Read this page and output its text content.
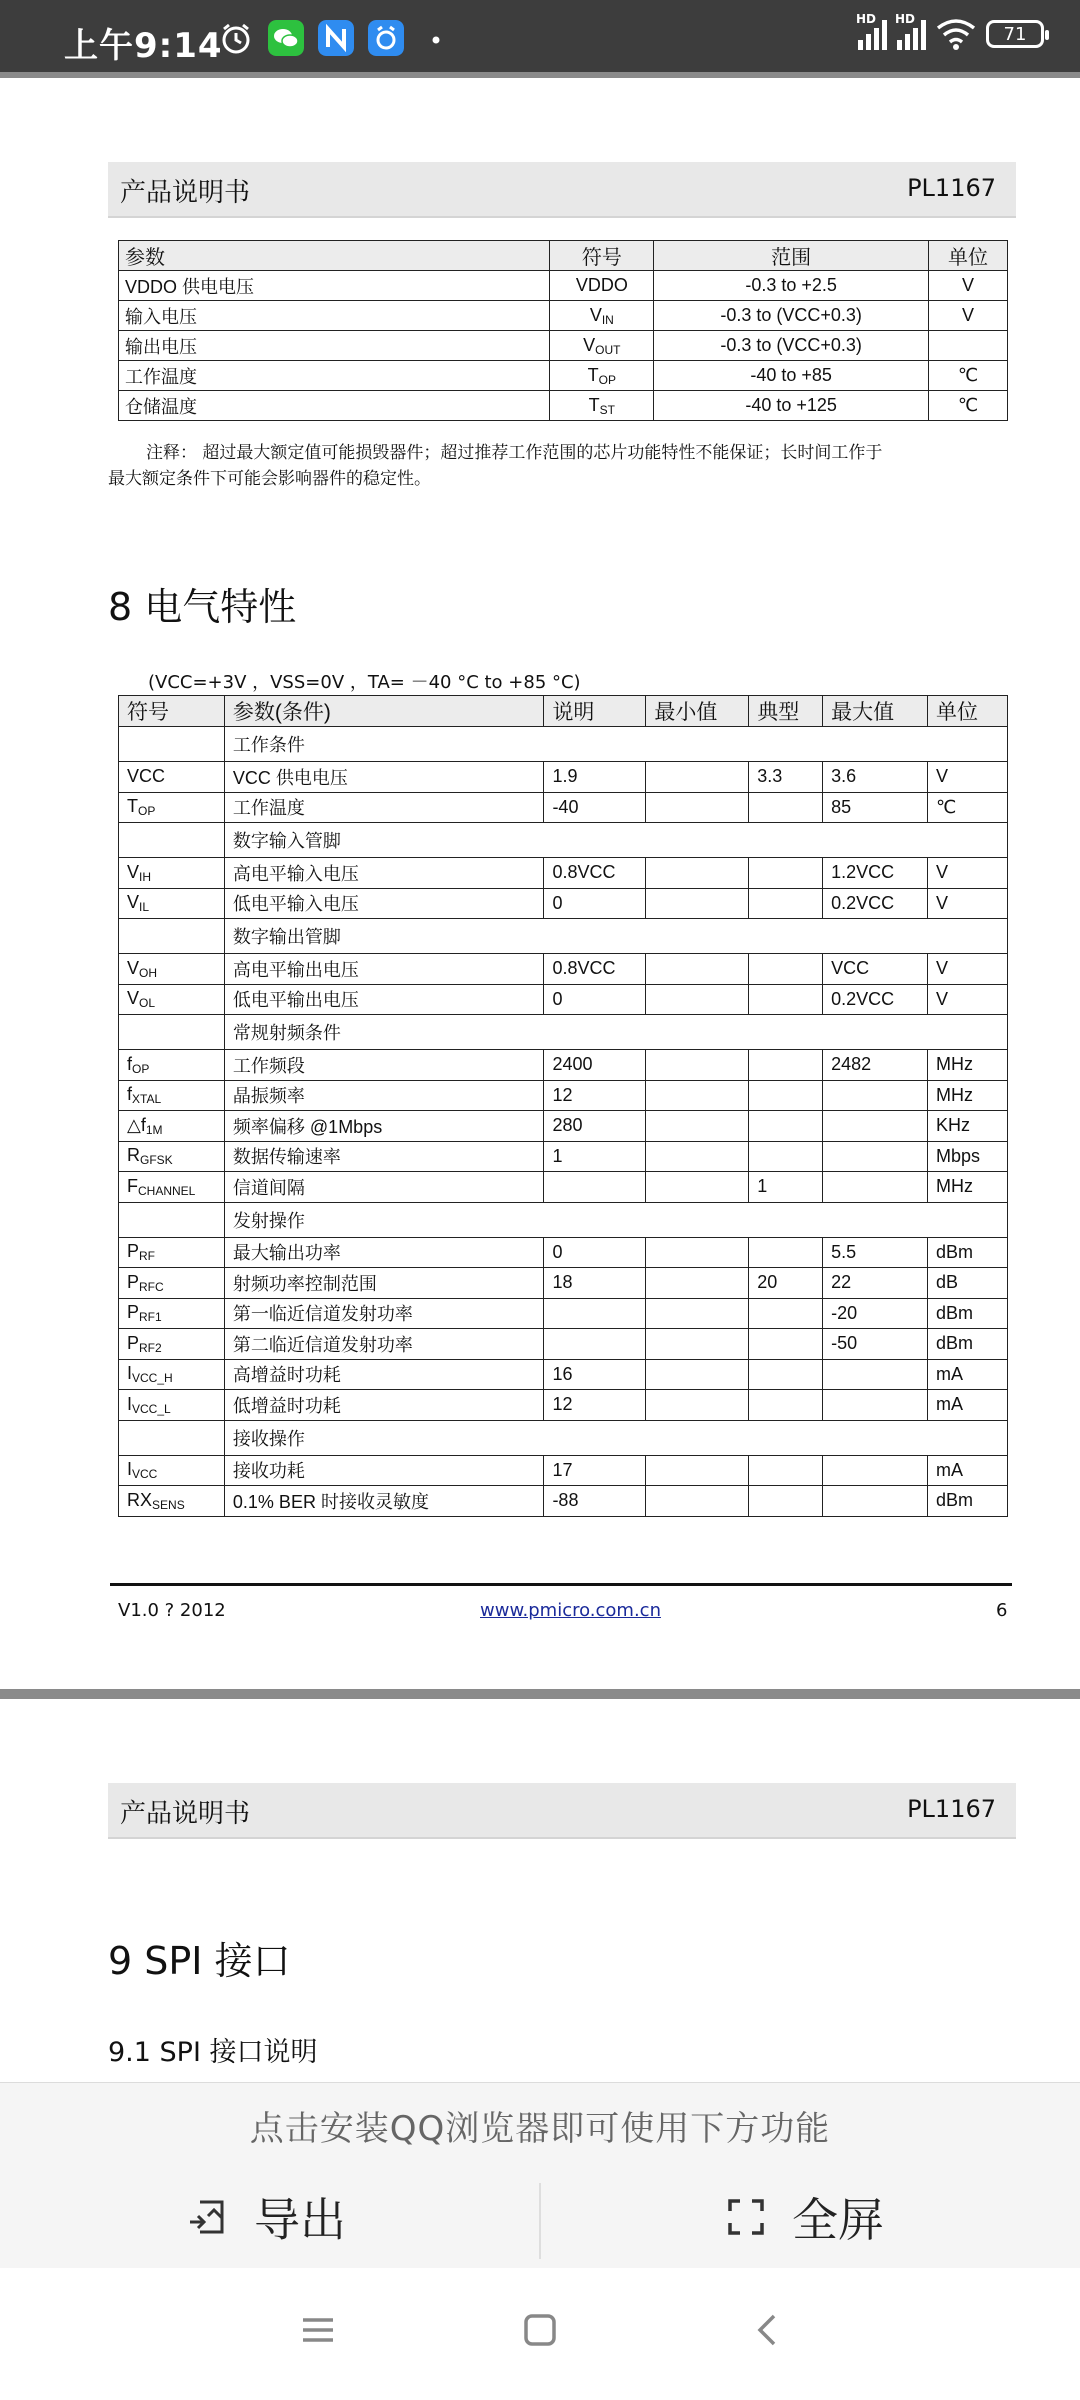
上午9:14
HD HD
71
产品说明书	PL1167
参数	符号	范围	单位
VDDO 供电电压	VDDO	-0.3 to +2.5	V
输入电压	$V_{IN}$	-0.3 to (VCC+0.3)	V
输出电压	$V_{OUT}$	-0.3 to (VCC+0.3)	
工作温度	$T_{OP}$	-40 to +85	℃
仓储温度	$T_{ST}$	-40 to +125	℃
注释： 超过最大额定值可能损毁器件；超过推荐工作范围的芯片功能特性不能保证；长时间工作于
最大额定条件下可能会影响器件的稳定性。
8 电气特性
(VCC=+3V ，VSS=0V ，TA= －40 °C to +85 °C)
符号	参数(条件)	说明	最小值	典型	最大值	单位
	工作条件					
VCC	VCC 供电电压	1.9		3.3	3.6	V
$T_{OP}$	工作温度	-40			85	℃
	数字输入管脚					
$V_{IH}$	高电平输入电压	0.8VCC			1.2VCC	V
$V_{IL}$	低电平输入电压	0			0.2VCC	V
	数字输出管脚					
$V_{OH}$	高电平输出电压	0.8VCC			VCC	V
$V_{OL}$	低电平输出电压	0			0.2VCC	V
	常规射频条件					
$f_{OP}$	工作频段	2400			2482	MHz
$f_{XTAL}$	晶振频率	12				MHz
$\triangle f_{1M}$	频率偏移 @1Mbps	280				KHz
$R_{GFSK}$	数据传输速率	1				Mbps
$F_{CHANNEL}$	信道间隔			1		MHz
	发射操作					
$P_{RF}$	最大输出功率	0			5.5	dBm
$P_{RFC}$	射频功率控制范围	18		20	22	dB
$P_{RF1}$	第一临近信道发射功率				-20	dBm
$P_{RF2}$	第二临近信道发射功率				-50	dBm
$I_{VCC\_H}$	高增益时功耗	16				mA
$I_{VCC\_L}$	低增益时功耗	12				mA
	接收操作					
$I_{VCC}$	接收功耗	17				mA
$RX_{SENS}$	0.1% BER 时接收灵敏度	-88				dBm
V1.0 ? 2012	www.pmicro.com.cn	6
产品说明书	PL1167
9 SPI 接口
9.1 SPI 接口说明
点击安装QQ浏览器即可使用下方功能
导出	全屏
